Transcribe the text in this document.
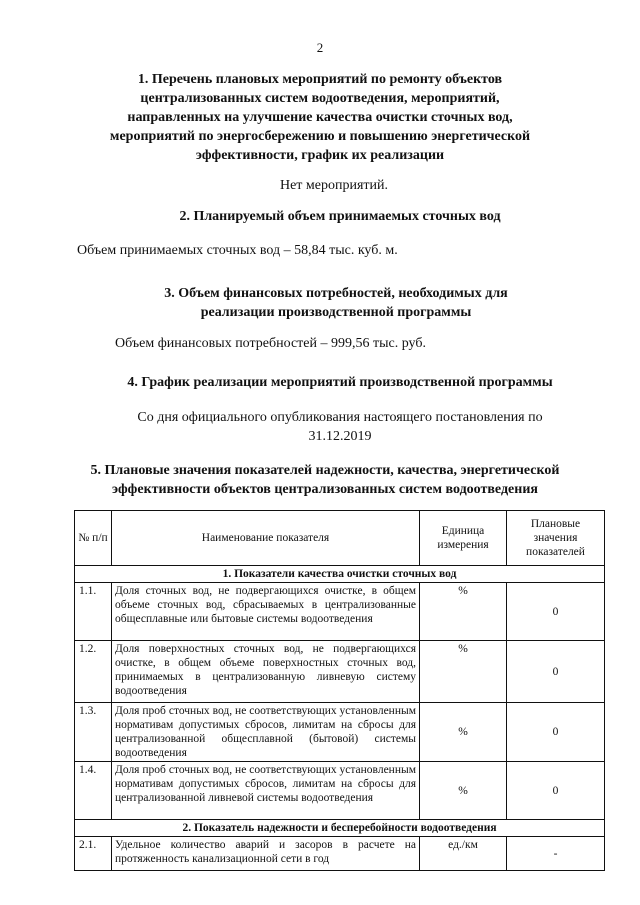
2
1. Перечень плановых мероприятий по ремонту объектов
централизованных систем водоотведения, мероприятий,
направленных на улучшение качества очистки сточных вод,
мероприятий по энергосбережению и повышению энергетической
эффективности, график их реализации
Нет мероприятий.
2. Планируемый объем принимаемых сточных вод
Объем принимаемых сточных вод – 58,84 тыс. куб. м.
3. Объем финансовых потребностей, необходимых для
реализации производственной программы
Объем финансовых потребностей – 999,56 тыс. руб.
4. График реализации мероприятий производственной программы
Со дня официального опубликования настоящего постановления по
31.12.2019
5. Плановые значения показателей надежности, качества, энергетической
эффективности объектов централизованных систем водоотведения
№ п/п	Наименование показателя	Единица измерения	Плановые значения показателей
1. Показатели качества очистки сточных вод			
1.1.	Доля сточных вод, не подвергающихся очистке, в общем объеме сточных вод, сбрасываемых в централизованные общесплавные или бытовые системы водоотведения	%	0
1.2.	Доля поверхностных сточных вод, не подвергающихся очистке, в общем объеме поверхностных сточных вод, принимаемых в централизованную ливневую систему водоотведения	%	0
1.3.	Доля проб сточных вод, не соответствующих установленным нормативам допустимых сбросов, лимитам на сбросы для централизованной общесплавной (бытовой) системы водоотведения	%	0
1.4.	Доля проб сточных вод, не соответствующих установленным нормативам допустимых сбросов, лимитам на сбросы для централизованной ливневой системы водоотведения	%	0
2. Показатель надежности и бесперебойности водоотведения			
2.1.	Удельное количество аварий и засоров в расчете на протяженность канализационной сети в год	ед./км	-
